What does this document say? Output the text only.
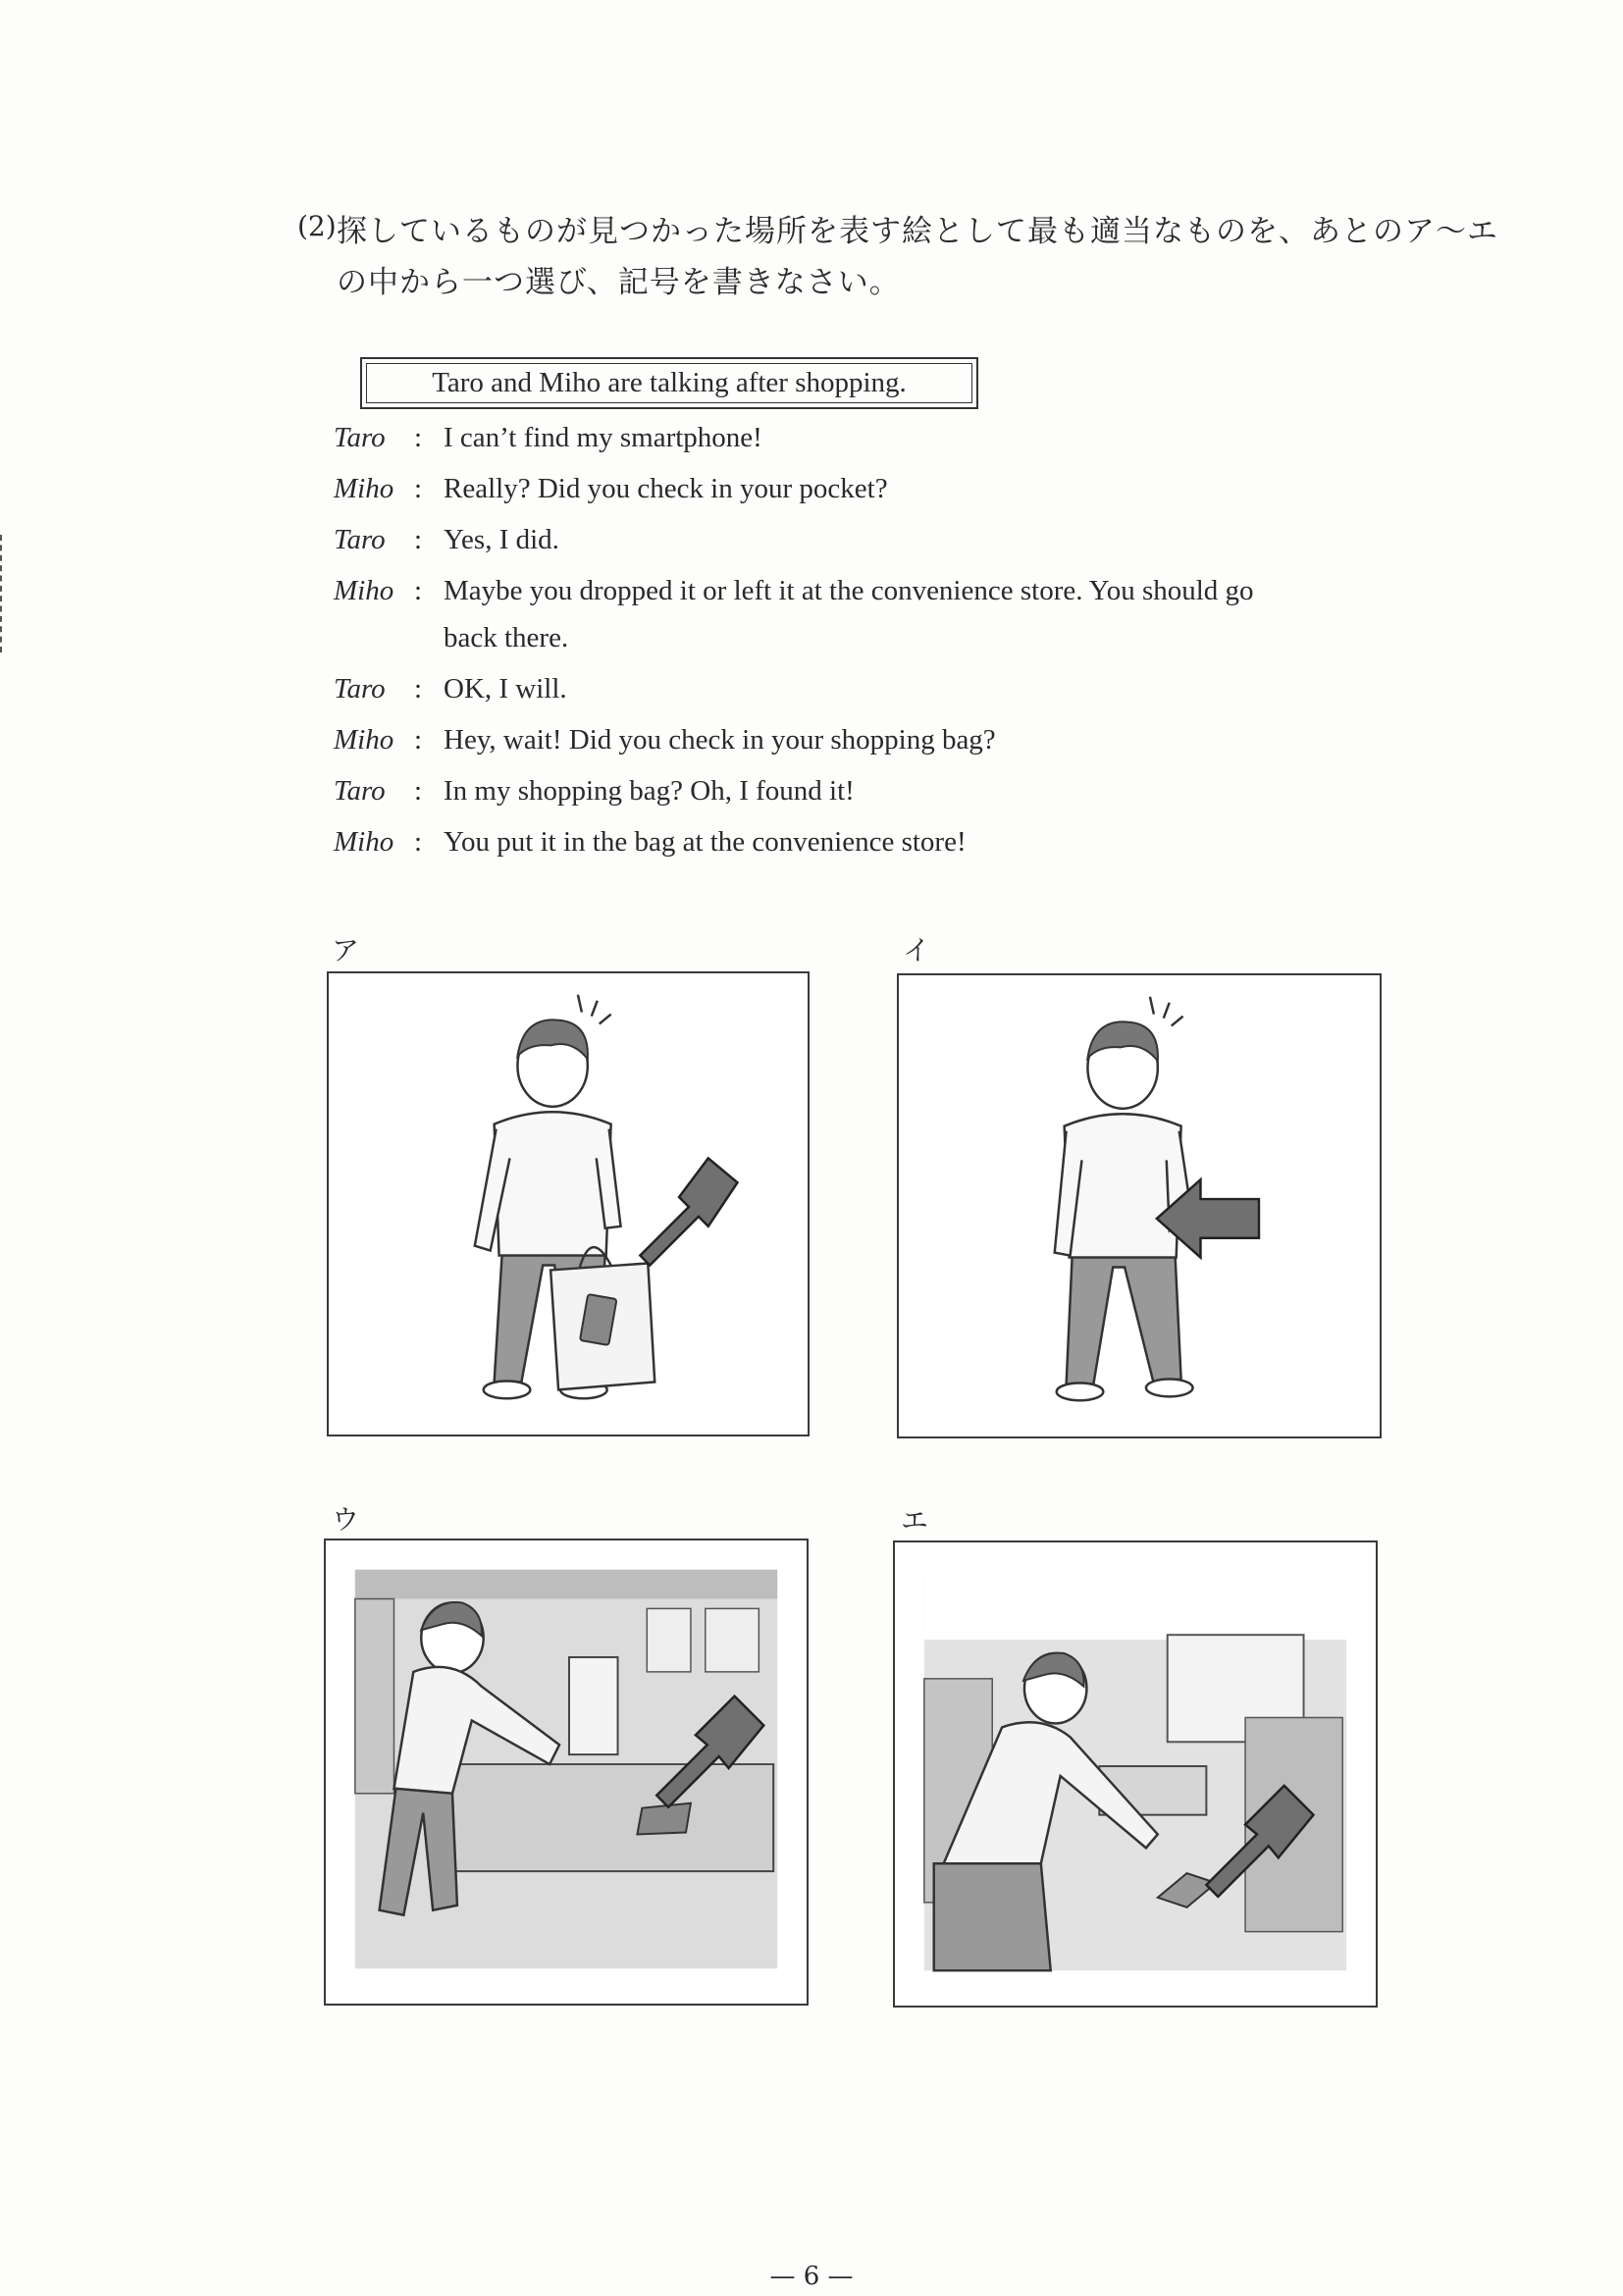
(2) 探しているものが見つかった場所を表す絵として最も適当なものを、あとのア〜エ
の中から一つ選び、記号を書きなさい。
Taro and Miho are talking after shopping.
Taro : I can’t find my smartphone!
Miho : Really? Did you check in your pocket?
Taro : Yes, I did.
Miho : Maybe you dropped it or left it at the convenience store. You should go
back there.
Taro : OK, I will.
Miho : Hey, wait! Did you check in your shopping bag?
Taro : In my shopping bag? Oh, I found it!
Miho : You put it in the bag at the convenience store!
ア	イ
ウ	エ
— 6 —
